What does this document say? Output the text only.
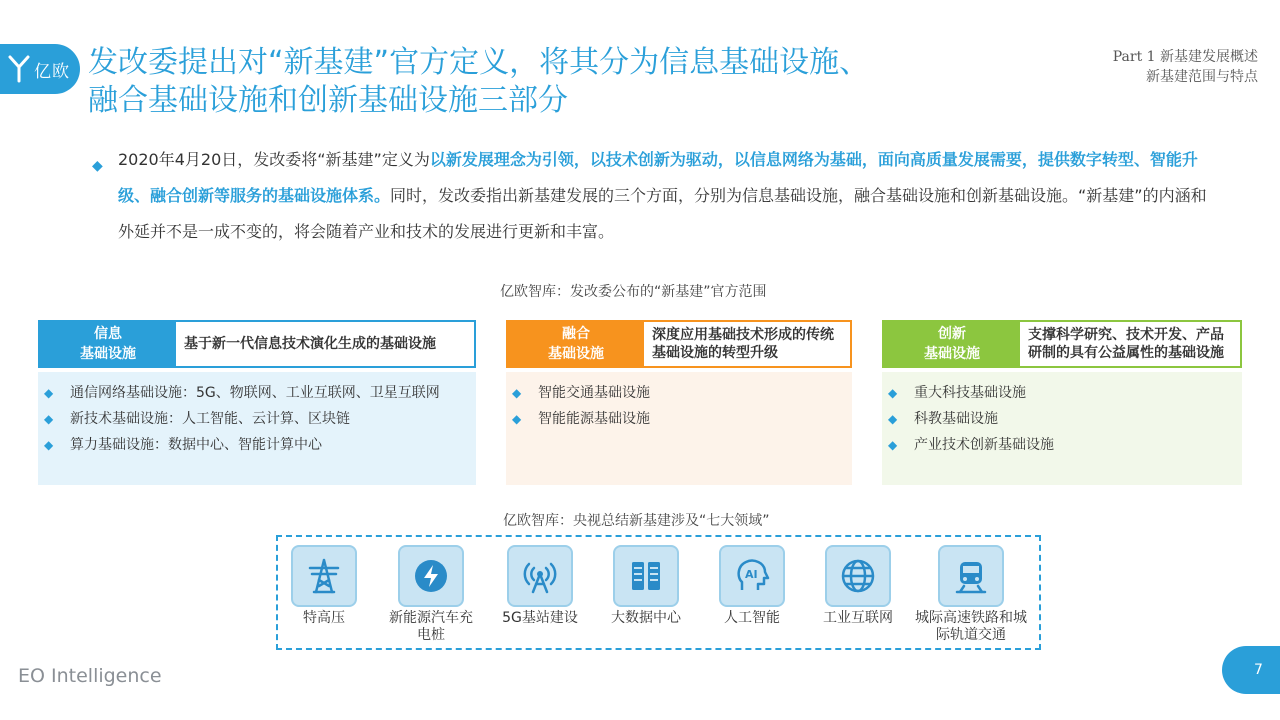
亿欧 发改委提出对“新基建”官方定义，将其分为信息基础设施、
融合基础设施和创新基础设施三部分
Part 1 新基建发展概述
新基建范围与特点
◆ 2020年4月20日，发改委将“新基建”定义为以新发展理念为引领，以技术创新为驱动，以信息网络为基础，面向高质量发展需要，提供数字转型、智能升级、融合创新等服务的基础设施体系。同时，发改委指出新基建发展的三个方面，分别为信息基础设施，融合基础设施和创新基础设施。“新基建”的内涵和外延并不是一成不变的，将会随着产业和技术的发展进行更新和丰富。

亿欧智库：发改委公布的“新基建”官方范围
信息
基础设施
基于新一代信息技术演化生成的基础设施
◆ 通信网络基础设施：5G、物联网、工业互联网、卫星互联网
◆ 新技术基础设施：人工智能、云计算、区块链
◆ 算力基础设施：数据中心、智能计算中心
融合
基础设施
深度应用基础技术形成的传统基础设施的转型升级
◆ 智能交通基础设施
◆ 智能能源基础设施
创新
基础设施
支撑科学研究、技术开发、产品研制的具有公益属性的基础设施
◆ 重大科技基础设施
◆ 科教基础设施
◆ 产业技术创新基础设施
亿欧智库：央视总结新基建涉及“七大领域”
特高压	新能源汽车充电桩
5G基站建设	大数据中心
AI
人工智能	工业互联网	城际高速铁路和城际轨道交通
EO Intelligence	7
